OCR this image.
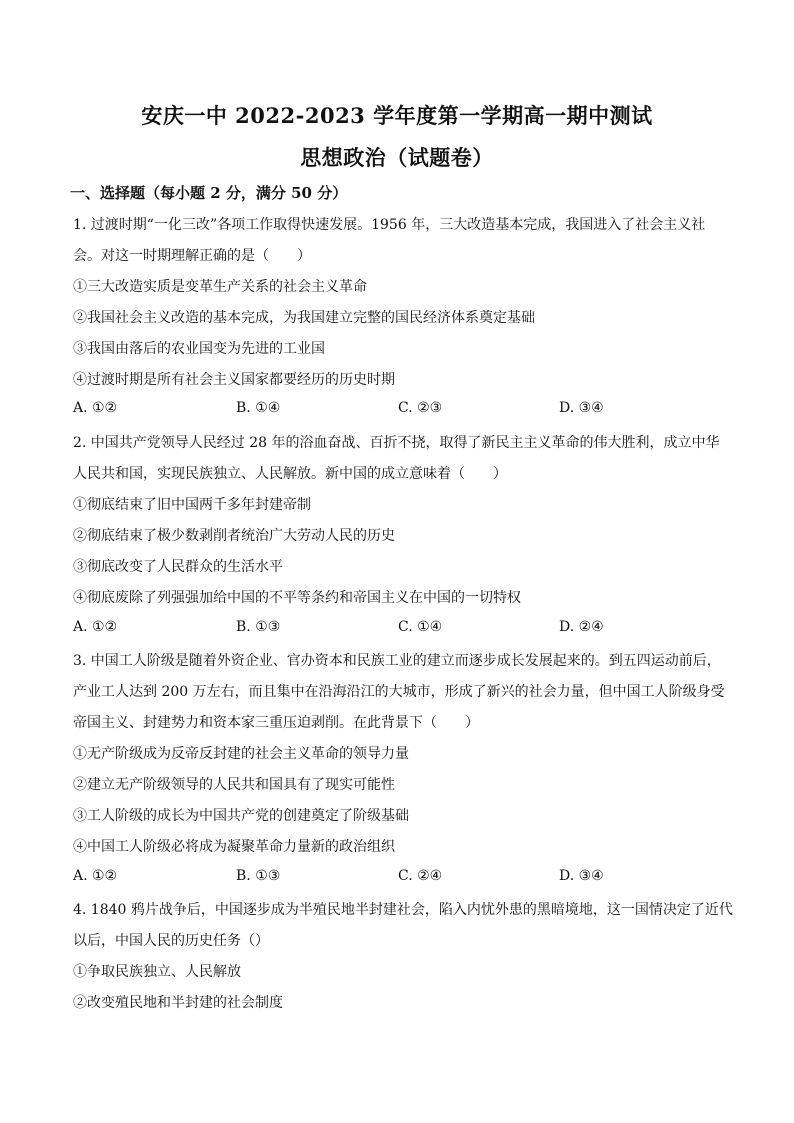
安庆一中 2022-2023 学年度第一学期高一期中测试
思想政治（试题卷）
一、选择题（每小题 2 分，满分 50 分）
1. 过渡时期“一化三改”各项工作取得快速发展。1956 年，三大改造基本完成，我国进入了社会主义社
会。对这一时期理解正确的是（　　）
①三大改造实质是变革生产关系的社会主义革命
②我国社会主义改造的基本完成，为我国建立完整的国民经济体系奠定基础
③我国由落后的农业国变为先进的工业国
④过渡时期是所有社会主义国家都要经历的历史时期
A. ①②	B. ①④	C. ②③	D. ③④
2. 中国共产党领导人民经过 28 年的浴血奋战、百折不挠，取得了新民主主义革命的伟大胜利，成立中华
人民共和国，实现民族独立、人民解放。新中国的成立意味着（　　）
①彻底结束了旧中国两千多年封建帝制
②彻底结束了极少数剥削者统治广大劳动人民的历史
③彻底改变了人民群众的生活水平
④彻底废除了列强强加给中国的不平等条约和帝国主义在中国的一切特权
A. ①②	B. ①③	C. ①④	D. ②④
3. 中国工人阶级是随着外资企业、官办资本和民族工业的建立而逐步成长发展起来的。到五四运动前后，
产业工人达到 200 万左右，而且集中在沿海沿江的大城市，形成了新兴的社会力量，但中国工人阶级身受
帝国主义、封建势力和资本家三重压迫剥削。在此背景下（　　）
①无产阶级成为反帝反封建的社会主义革命的领导力量
②建立无产阶级领导的人民共和国具有了现实可能性
③工人阶级的成长为中国共产党的创建奠定了阶级基础
④中国工人阶级必将成为凝聚革命力量新的政治组织
A. ①②	B. ①③	C. ②④	D. ③④
4. 1840 鸦片战争后，中国逐步成为半殖民地半封建社会，陷入内忧外患的黑暗境地，这一国情决定了近代
以后，中国人民的历史任务（）
①争取民族独立、人民解放
②改变殖民地和半封建的社会制度
